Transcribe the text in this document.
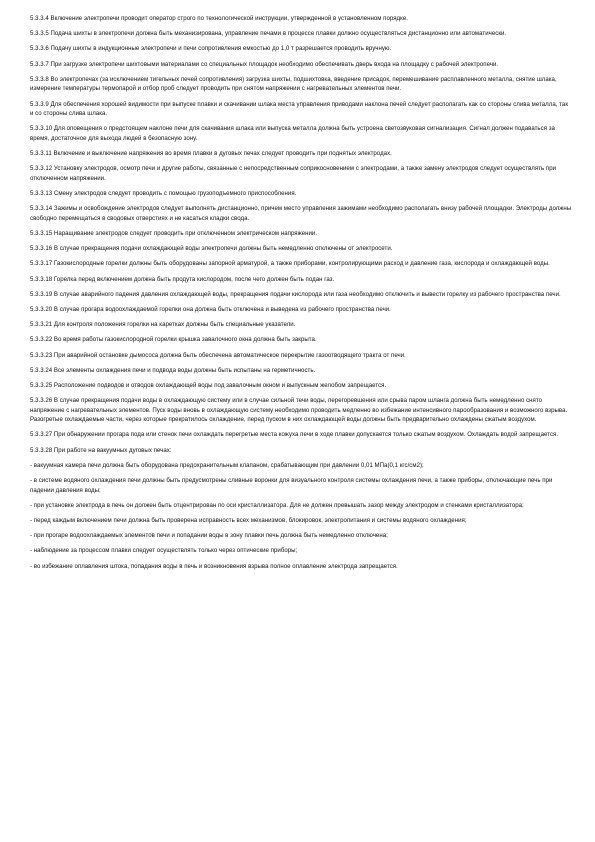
5.3.3.4 Включение электропечи проводит оператор строго по технологической инструкции, утвержденной в установленном порядке.

5.3.3.5 Подача шихты в электропечи должна быть механизирована, управление печами в процессе плавки должно осуществляться дистанционно или автоматически.

5.3.3.6 Подачу шихты в индукционные электропечи и печи сопротивления емкостью до 1,0 т разрешается проводить вручную.

5.3.3.7 При загрузке электропечи шихтовыми материалами со специальных площадок необходимо обеспечивать дверь входа на площадку с рабочей электропечи.

5.3.3.8 Во электропечах (за исключением тигельных печей сопротивления) загрузка шихты, подшихтовка, введение присадок, перемешивание расплавленного металла, снятие шлака, измерение температуры термопарой и отбор проб следует проводить при снятом напряжении с нагревательных элементов печи.

5.3.3.9 Для обеспечения хорошей видимости при выпуске плавки и скачивании шлака места управления приводами наклона печей следует располагать как со стороны слива металла, так и со стороны слива шлака.

5.3.3.10 Для оповещения о предстоящем наклоне печи для скачивания шлака или выпуска металла должна быть устроена светозвуковая сигнализация. Сигнал должен подаваться за время, достаточное для выхода людей в безопасную зону.

5.3.3.11 Включение и выключение напряжения во время плавки в дуговых печах следует проводить при поднятых электродах.

5.3.3.12 Установку электродов, осмотр печи и другие работы, связанные с непосредственным соприкосновением с электродами, а также замену электродов следует осуществлять при отключенном напряжении.

5.3.3.13 Смену электродов следует проводить с помощью грузоподъемного приспособления.

5.3.3.14 Зажимы и освобождение электродов следует выполнять дистанционно, причем место управления зажимами необходимо располагать внизу рабочей площадки. Электроды должны свободно перемещаться в сводовых отверстиях и не касаться кладки свода.

5.3.3.15 Наращивание электродов следует проводить при отключенном электрическом напряжении.

5.3.3.16 В случае прекращения подачи охлаждающей воды электропечи должны быть немедленно отключены от электросети.

5.3.3.17 Газокислородные горелки должны быть оборудованы запорной арматурой, а также приборами, контролирующими расход и давление газа, кислорода и охлаждающей воды.

5.3.3.18 Горелка перед включением должна быть продута кислородом, после чего должен быть подан газ.

5.3.3.19 В случае аварийного падения давления охлаждающей воды, прекращения подачи кислорода или газа необходимо отключить и вывести горелку из рабочего пространства печи.

5.3.3.20 В случае прогара водоохлаждаемой горелки она должна быть отключена и выведена из рабочего пространства печи.

5.3.3.21 Для контроля положения горелки на каретках должны быть специальные указатели.

5.3.3.22 Во время работы газокислородной горелки крышка завалочного окна должна быть закрыта.

5.3.3.23 При аварийной остановке дымососа должна быть обеспечена автоматическое перекрытие газоотводящего тракта от печи.

5.3.3.24 Все элементы охлаждения печи и подвода воды должны быть испытаны на герметичность.

5.3.3.25 Расположение подводов и отводов охлаждающей воды под завалочным окном и выпускным желобом запрещается.

5.3.3.26 В случае прекращения подачи воды в охлаждающую систему или в случае сильной течи воды, перегоревшения или срыва паром шланга должна быть немедленно снято напряжение с нагревательных элементов. Пуск воды вновь в охлаждающую систему необходимо проводить медленно во избежание интенсивного парообразования и возможного взрыва. Разогретые охлаждаемые части, через которые прекратилось охлаждение, перед пуском в них охлаждающей воды должны быть предварительно охлаждены сжатым воздухом.

5.3.3.27 При обнаружении прогара пода или стенок печи охлаждать перегретые места кожуха печи в ходе плавки допускается только сжатым воздухом. Охлаждать водой запрещается.

5.3.3.28 При работе на вакуумных дуговых печах:

- вакуумная камера печи должна быть оборудована предохранительным клапаном, срабатывающим при давлении 0,01 МПа(0,1 кгс/см2);

- в системе водяного охлаждения печи должны быть предусмотрены сливные воронки для визуального контроля системы охлаждения печи, а также приборы, отключающие печь при падении давления воды;

- при установке электрода в печь он должен быть отцентрирован по оси кристаллизатора. Для не должен превышать зазор между электродом и стенками кристаллизатора;

- перед каждым включением печи должна быть проверена исправность всех механизмов, блокировок, электропитания и системы водяного охлаждения;

- при прогаре водоохлаждаемых элементов печи и попадании воды в зону плавки печь должна быть немедленно отключена;

- наблюдение за процессом плавки следует осуществлять только через оптические приборы;

- во избежание оплавления штока, попадания воды в печь и возникновения взрыва полное оплавление электрода запрещается.
